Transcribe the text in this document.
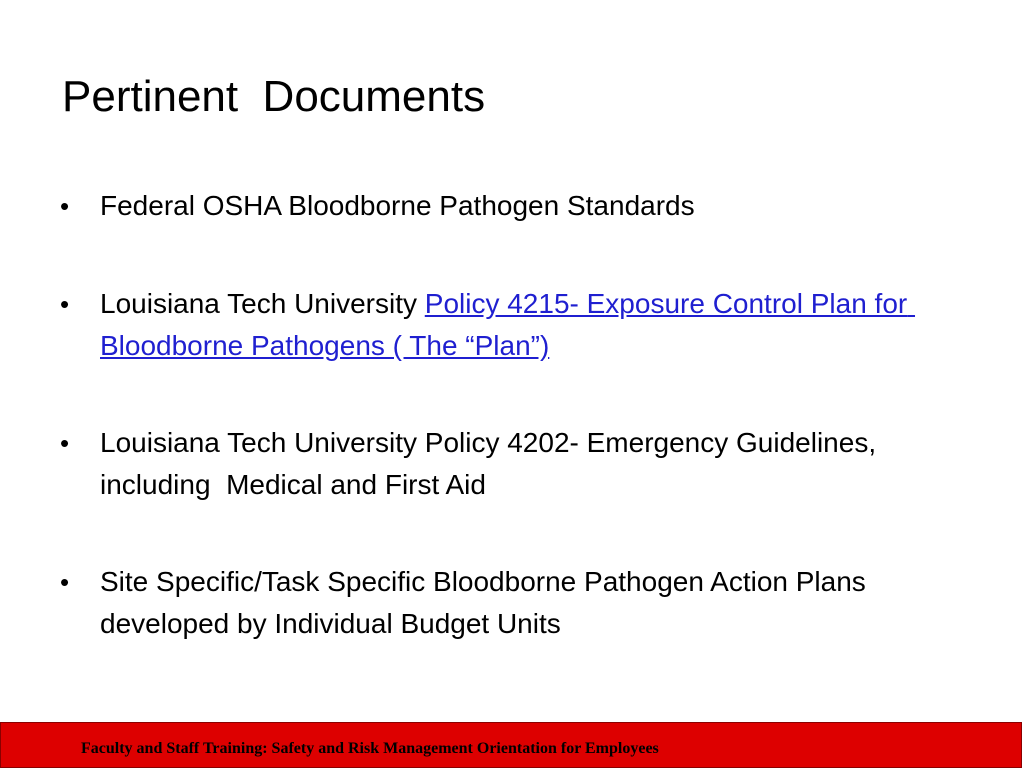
Pertinent  Documents
•	Federal OSHA Bloodborne Pathogen Standards
•	Louisiana Tech University Policy 4215- Exposure Control Plan for Bloodborne Pathogens ( The “Plan”)
•	Louisiana Tech University Policy 4202- Emergency Guidelines, including  Medical and First Aid
•	Site Specific/Task Specific Bloodborne Pathogen Action Plans developed by Individual Budget Units
Faculty and Staff Training: Safety and Risk Management Orientation for Employees
